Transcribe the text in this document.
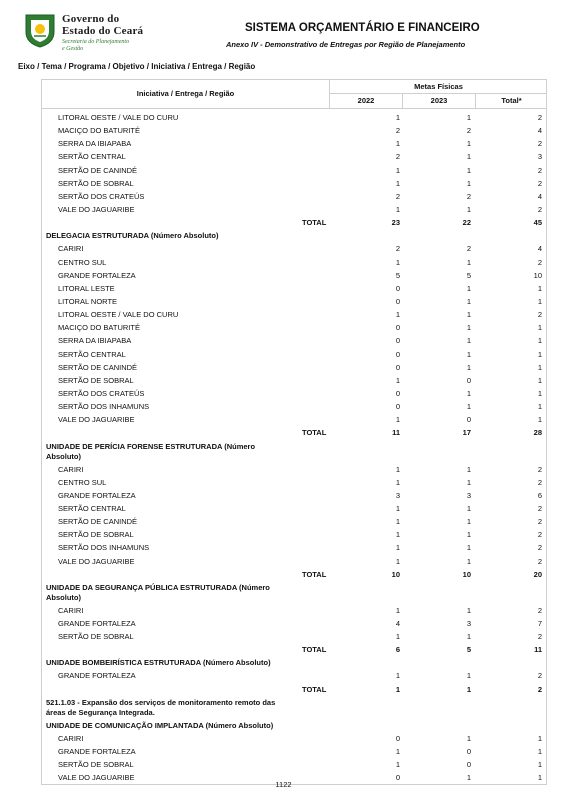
Governo do
Estado do Ceará
Secretaria do Planejamento
e Gestão
SISTEMA ORÇAMENTÁRIO E FINANCEIRO
Anexo IV - Demonstrativo de Entregas por Região de Planejamento
Eixo / Tema / Programa / Objetivo / Iniciativa / Entrega / Região
Iniciativa / Entrega / Região
Metas Físicas
2022	2023	Total*
LITORAL OESTE / VALE DO CURU	1	1	2
MACIÇO DO BATURITÉ	2	2	4
SERRA DA IBIAPABA	1	1	2
SERTÃO CENTRAL	2	1	3
SERTÃO DE CANINDÉ	1	1	2
SERTÃO DE SOBRAL	1	1	2
SERTÃO DOS CRATEÚS	2	2	4
VALE DO JAGUARIBE	1	1	2
TOTAL	23	22	45
DELEGACIA ESTRUTURADA (Número Absoluto)
CARIRI	2	2	4
CENTRO SUL	1	1	2
GRANDE FORTALEZA	5	5	10
LITORAL LESTE	0	1	1
LITORAL NORTE	0	1	1
LITORAL OESTE / VALE DO CURU	1	1	2
MACIÇO DO BATURITÉ	0	1	1
SERRA DA IBIAPABA	0	1	1
SERTÃO CENTRAL	0	1	1
SERTÃO DE CANINDÉ	0	1	1
SERTÃO DE SOBRAL	1	0	1
SERTÃO DOS CRATEÚS	0	1	1
SERTÃO DOS INHAMUNS	0	1	1
VALE DO JAGUARIBE	1	0	1
TOTAL	11	17	28
UNIDADE DE PERÍCIA FORENSE ESTRUTURADA (Número Absoluto)
CARIRI	1	1	2
CENTRO SUL	1	1	2
GRANDE FORTALEZA	3	3	6
SERTÃO CENTRAL	1	1	2
SERTÃO DE CANINDÉ	1	1	2
SERTÃO DE SOBRAL	1	1	2
SERTÃO DOS INHAMUNS	1	1	2
VALE DO JAGUARIBE	1	1	2
TOTAL	10	10	20
UNIDADE DA SEGURANÇA PÚBLICA ESTRUTURADA (Número Absoluto)
CARIRI	1	1	2
GRANDE FORTALEZA	4	3	7
SERTÃO DE SOBRAL	1	1	2
TOTAL	6	5	11
UNIDADE BOMBEIRÍSTICA ESTRUTURADA (Número Absoluto)
GRANDE FORTALEZA	1	1	2
TOTAL	1	1	2
521.1.03 - Expansão dos serviços de monitoramento remoto das áreas de Segurança Integrada.
UNIDADE DE COMUNICAÇÃO IMPLANTADA (Número Absoluto)
CARIRI	0	1	1
GRANDE FORTALEZA	1	0	1
SERTÃO DE SOBRAL	1	0	1
VALE DO JAGUARIBE	0	1	1
1122
